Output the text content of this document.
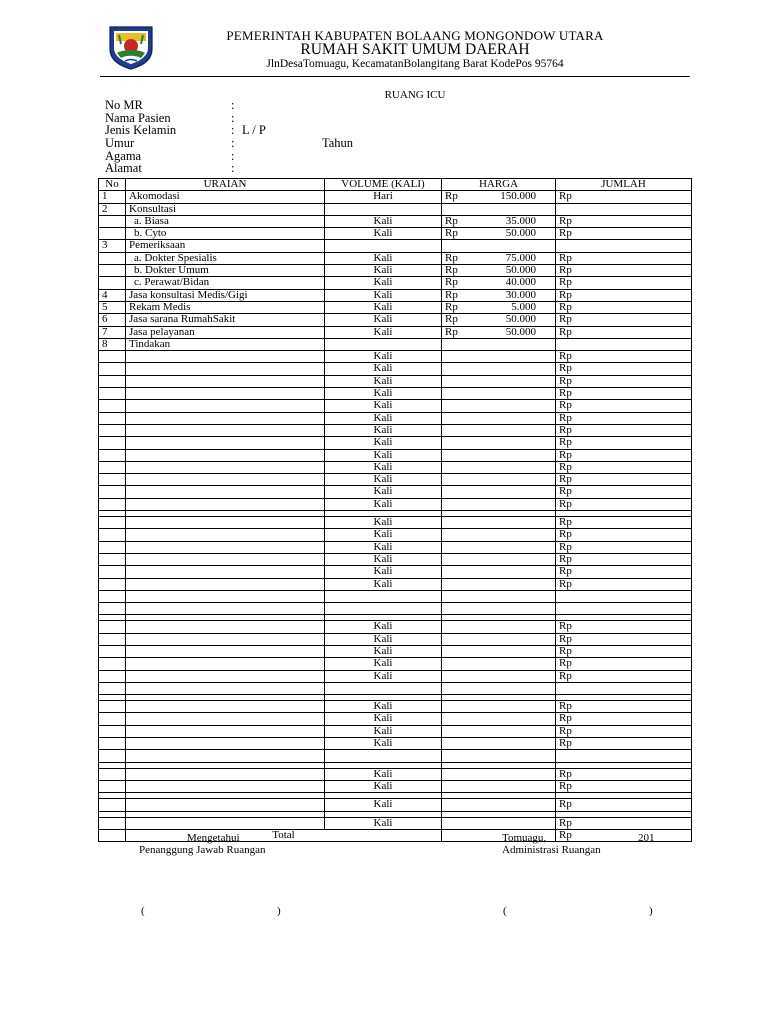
PEMERINTAH KABUPATEN BOLAANG MONGONDOW UTARA
RUMAH SAKIT UMUM DAERAH
JlnDesaTomuagu, KecamatanBolangitang Barat KodePos 95764
RUANG ICU
No MR	:
Nama Pasien	:
Jenis Kelamin	: L / P
Umur	:	Tahun
Agama	:
Alamat	:
No	URAIAN	VOLUME (KALI)	HARGA	JUMLAH
1	Akomodasi	Hari	Rp 150.000	Rp
2	Konsultasi			
	a. Biasa	Kali	Rp 35.000	Rp
	b. Cyto	Kali	Rp 50.000	Rp
3	Pemeriksaan			
	a. Dokter Spesialis	Kali	Rp 75.000	Rp
	b. Dokter Umum	Kali	Rp 50.000	Rp
	c. Perawat/Bidan	Kali	Rp 40.000	Rp
4	Jasa konsultasi Medis/Gigi	Kali	Rp 30.000	Rp
5	Rekam Medis	Kali	Rp 5.000	Rp
6	Jasa sarana RumahSakit	Kali	Rp 50.000	Rp
7	Jasa pelayanan	Kali	Rp 50.000	Rp
8	Tindakan			
		Kali		Rp
		Kali		Rp
		Kali		Rp
		Kali		Rp
		Kali		Rp
		Kali		Rp
		Kali		Rp
		Kali		Rp
		Kali		Rp
		Kali		Rp
		Kali		Rp
		Kali		Rp
		Kali		Rp

		Kali		Rp
		Kali		Rp
		Kali		Rp
		Kali		Rp
		Kali		Rp
		Kali		Rp

		Kali		Rp
		Kali		Rp
		Kali		Rp
		Kali		Rp
		Kali		Rp

		Kali		Rp
		Kali		Rp
		Kali		Rp
		Kali		Rp

		Kali		Rp
		Kali		Rp

		Kali		Rp

		Kali		Rp
	Total			Rp
Mengetahui
Penanggung Jawab Ruangan
Tomuagu,	201
Administrasi Ruangan
(	)	(	)
